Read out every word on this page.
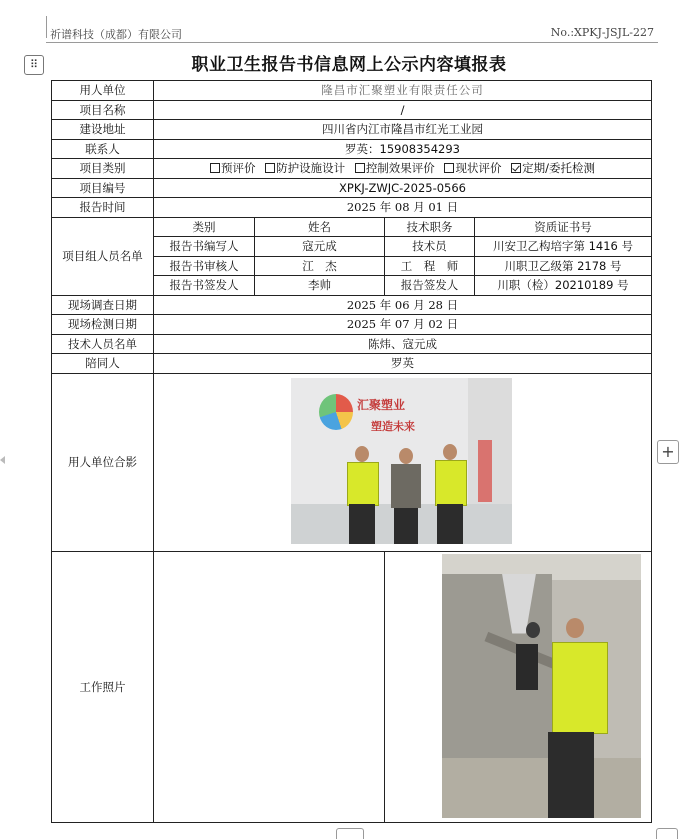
祈谱科技（成都）有限公司	No.:XPKJ-JSJL-227
⠿
+
职业卫生报告书信息网上公示内容填报表
用人单位	隆昌市汇聚塑业有限责任公司			
项目名称	/			
建设地址	四川省内江市隆昌市红光工业园			
联系人	罗英：15908354293			
项目类别	预评价 防护设施设计 控制效果评价 现状评价 定期/委托检测			
项目编号	XPKJ-ZWJC-2025-0566			
报告时间	2025 年 08 月 01 日			
项目组人员名单	类别	姓名	技术职务	资质证书号
	报告书编写人	寇元成	技术员	川安卫乙构培字第 1416 号
	报告书审核人	江　杰	工　程　师	川职卫乙级第 2178 号
	报告书签发人	李帅	报告签发人	川职（检）20210189 号
现场调查日期	2025 年 06 月 28 日			
现场检测日期	2025 年 07 月 02 日			
技术人员名单	陈炜、寇元成			
陪同人	罗英			
用人单位合影	汇聚塑业
塑造未来			

工作照片				
